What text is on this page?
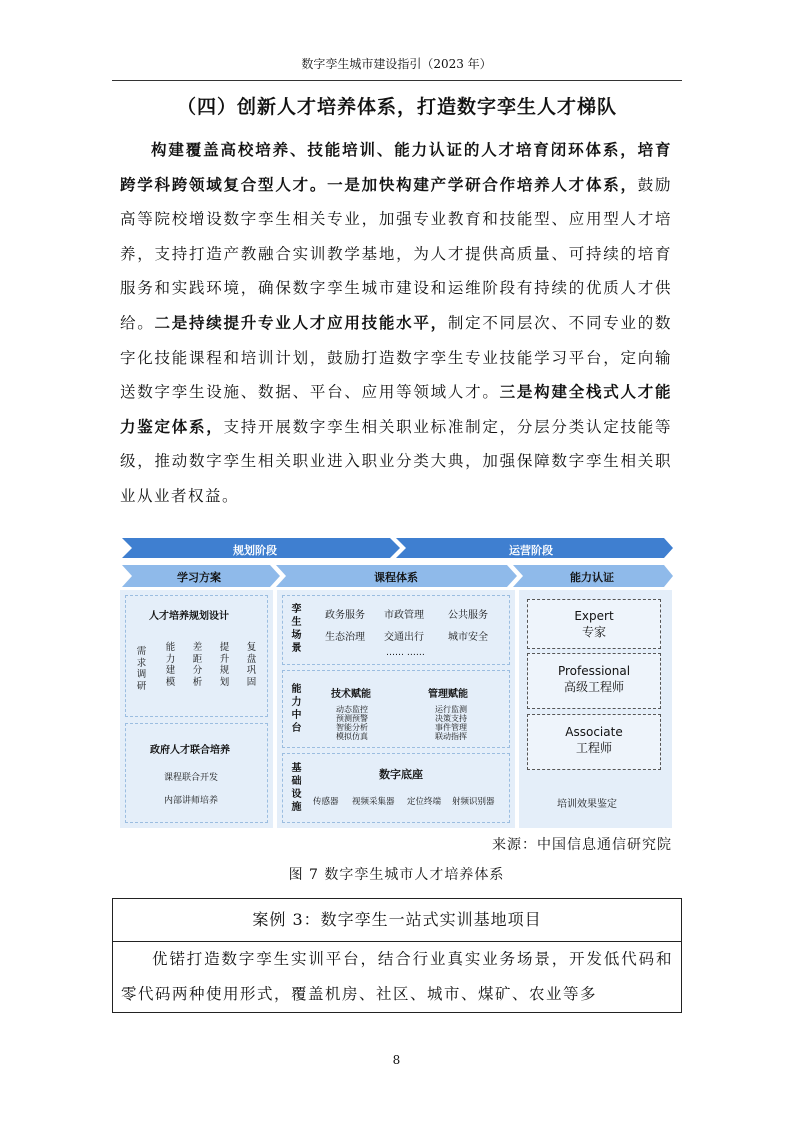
数字孪生城市建设指引（2023 年）
（四）创新人才培养体系，打造数字孪生人才梯队

构建覆盖高校培养、技能培训、能力认证的人才培育闭环体系，培育跨学科跨领域复合型人才。一是加快构建产学研合作培养人才体系，鼓励高等院校增设数字孪生相关专业，加强专业教育和技能型、应用型人才培养，支持打造产教融合实训教学基地，为人才提供高质量、可持续的培育服务和实践环境，确保数字孪生城市建设和运维阶段有持续的优质人才供给。二是持续提升专业人才应用技能水平，制定不同层次、不同专业的数字化技能课程和培训计划，鼓励打造数字孪生专业技能学习平台，定向输送数字孪生设施、数据、平台、应用等领域人才。三是构建全栈式人才能力鉴定体系，支持开展数字孪生相关职业标准制定，分层分类认定技能等级，推动数字孪生相关职业进入职业分类大典，加强保障数字孪生相关职业从业者权益。

规划阶段	运营阶段
学习方案	课程体系	能力认证
人才培养规划设计
需求调研
能力建模
差距分析
提升规划
复盘巩固
政府人才联合培养
课程联合开发
内部讲师培养
孪生场景
政务服务 市政管理 公共服务
生态治理 交通出行 城市安全
…… ……
能力中台
技术赋能
动态监控
预测预警
智能分析
模拟仿真
管理赋能
运行监测
决策支持
事件管理
联动指挥
基础设施
数字底座
传感器 视频采集器 定位终端 射频识别器
Expert
专家
Professional
高级工程师
Associate
工程师
培训效果鉴定
来源：中国信息通信研究院
图 7 数字孪生城市人才培养体系
案例 3：数字孪生一站式实训基地项目

优锘打造数字孪生实训平台，结合行业真实业务场景，开发低代码和零代码两种使用形式，覆盖机房、社区、城市、煤矿、农业等多

8
